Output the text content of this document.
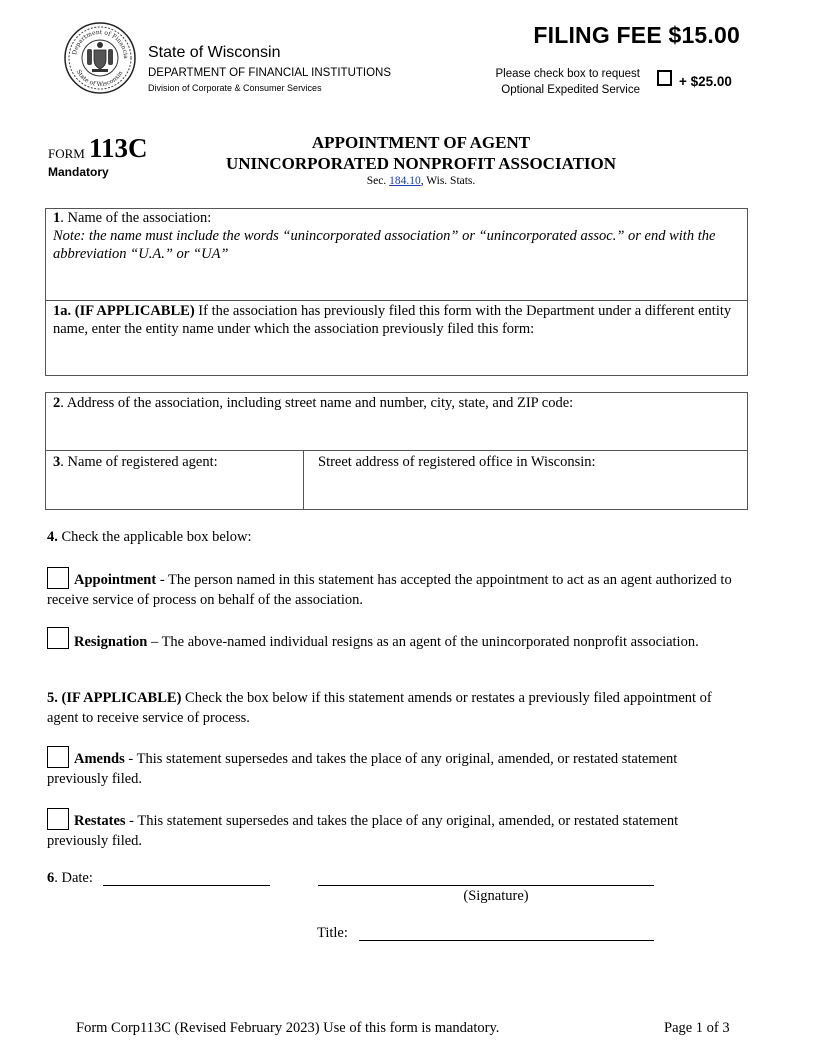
Department of Financia
State of Wisconsin
State of Wisconsin
DEPARTMENT OF FINANCIAL INSTITUTIONS
Division of Corporate & Consumer Services
FILING FEE $15.00
Please check box to request
Optional Expedited Service
+ $25.00
FORM 113C
Mandatory
APPOINTMENT OF AGENT
UNINCORPORATED NONPROFIT ASSOCIATION
Sec. 184.10, Wis. Stats.
1. Name of the association:
Note: the name must include the words “unincorporated association” or “unincorporated assoc.” or end with the abbreviation “U.A.” or “UA”
1a. (IF APPLICABLE) If the association has previously filed this form with the Department under a different entity name, enter the entity name under which the association previously filed this form:
2. Address of the association, including street name and number, city, state, and ZIP code:
3. Name of registered agent:	Street address of registered office in Wisconsin:
4. Check the applicable box below:
Appointment - The person named in this statement has accepted the appointment to act as an agent authorized to receive service of process on behalf of the association.
Resignation – The above-named individual resigns as an agent of the unincorporated nonprofit association.
5. (IF APPLICABLE) Check the box below if this statement amends or restates a previously filed appointment of agent to receive service of process.
Amends - This statement supersedes and takes the place of any original, amended, or restated statement previously filed.
Restates - This statement supersedes and takes the place of any original, amended, or restated statement previously filed.
6. Date:
(Signature)
Title:
Form Corp113C (Revised February 2023) Use of this form is mandatory.	Page 1 of 3
